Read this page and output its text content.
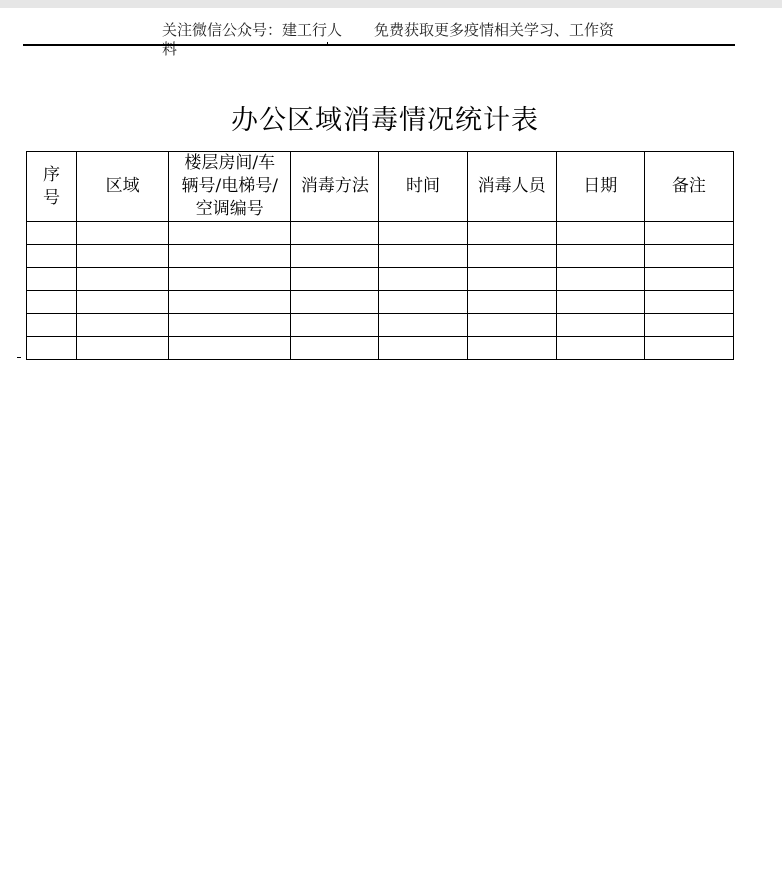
关注微信公众号：建工行人 免费获取更多疫情相关学习、工作资料
办公区域消毒情况统计表
序号	区域	楼层房间/车辆号/电梯号/空调编号	消毒方法	时间	消毒人员	日期	备注
